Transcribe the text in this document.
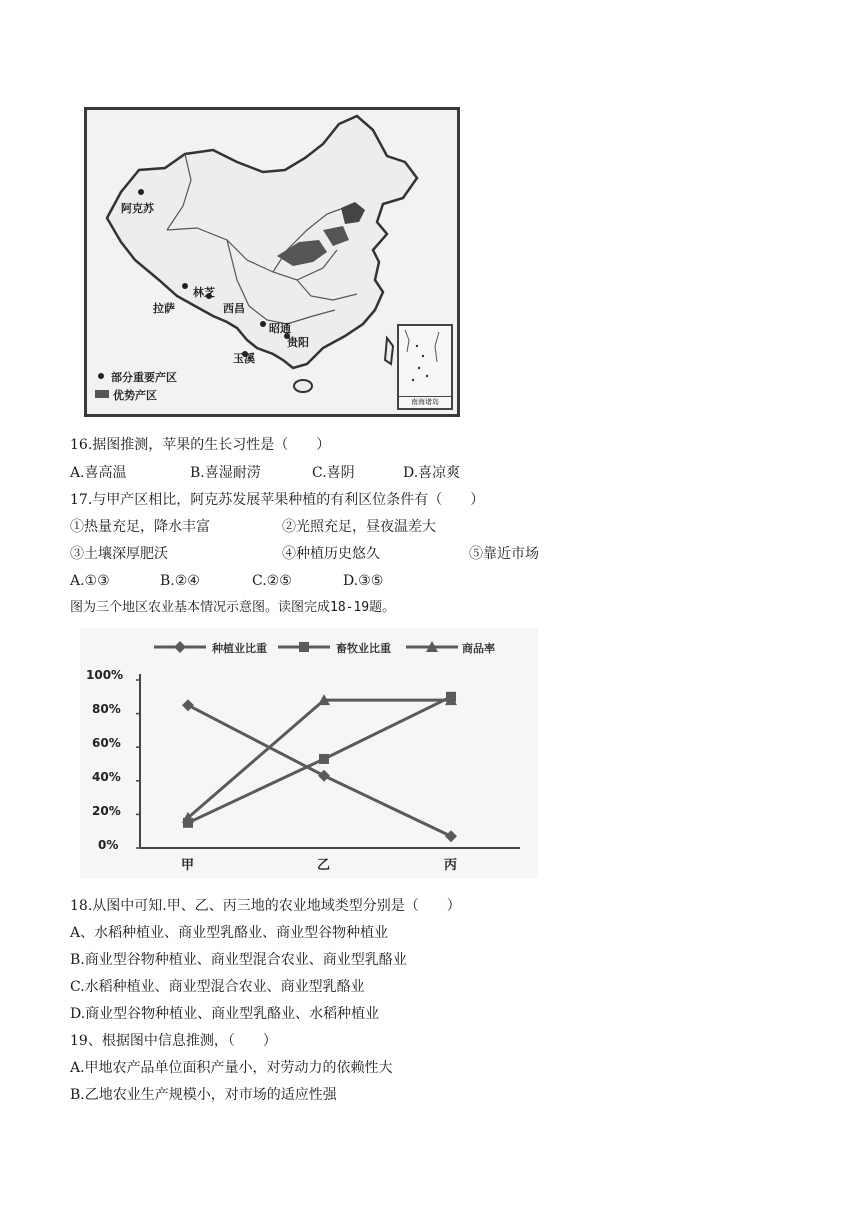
阿克苏
拉萨
林芝
西昌
昭通
贵阳
玉溪
部分重要产区
优势产区	南海诸岛
16.据图推测，苹果的生长习性是（　　）
A.喜高温	B.喜湿耐涝	C.喜阴	D.喜凉爽
17.与甲产区相比，阿克苏发展苹果种植的有利区位条件有（　　）
①热量充足，降水丰富	②光照充足，昼夜温差大
③土壤深厚肥沃	④种植历史悠久	⑤靠近市场
A.①③	B.②④	C.②⑤	D.③⑤
图为三个地区农业基本情况示意图。读图完成18-19题。
100%
80%
60%
40%
20%
0%
甲	乙	丙
种植业比重	畜牧业比重	商品率
18.从图中可知.甲、乙、丙三地的农业地域类型分别是（　　）
A、水稻种植业、商业型乳酪业、商业型谷物种植业
B.商业型谷物种植业、商业型混合农业、商业型乳酪业
C.水稻种植业、商业型混合农业、商业型乳酪业
D.商业型谷物种植业、商业型乳酪业、水稻种植业
19、根据图中信息推测，（　　）
A.甲地农产品单位面积产量小，对劳动力的依赖性大
B.乙地农业生产规模小，对市场的适应性强
